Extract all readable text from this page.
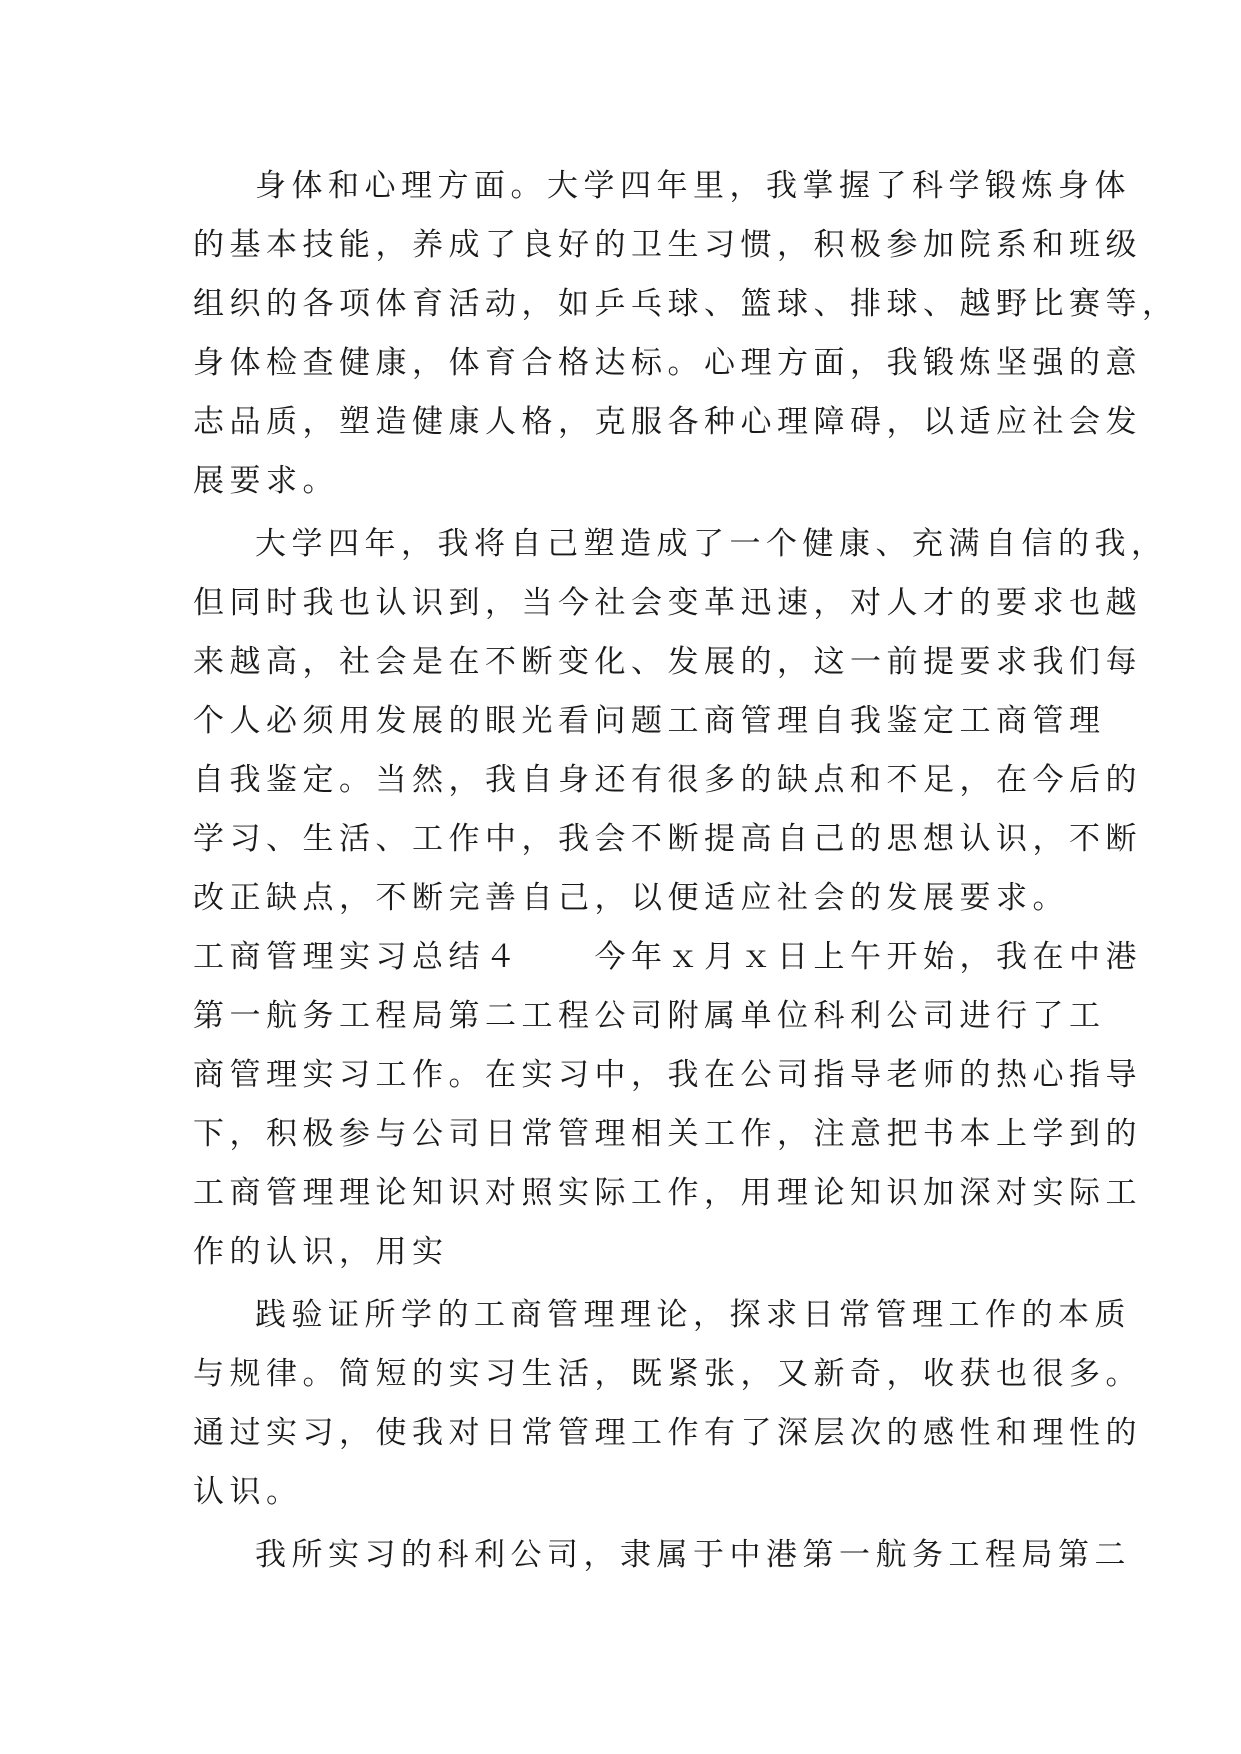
身体和心理方面。大学四年里，我掌握了科学锻炼身体
的基本技能，养成了良好的卫生习惯，积极参加院系和班级
组织的各项体育活动，如乒乓球、篮球、排球、越野比赛等，
身体检查健康，体育合格达标。心理方面，我锻炼坚强的意
志品质，塑造健康人格，克服各种心理障碍，以适应社会发
展要求。
大学四年，我将自己塑造成了一个健康、充满自信的我，
但同时我也认识到，当今社会变革迅速，对人才的要求也越
来越高，社会是在不断变化、发展的，这一前提要求我们每
个人必须用发展的眼光看问题工商管理自我鉴定工商管理
自我鉴定。当然，我自身还有很多的缺点和不足，在今后的
学习、生活、工作中，我会不断提高自己的思想认识，不断
改正缺点，不断完善自己，以便适应社会的发展要求。
工商管理实习总结４　　今年ｘ月ｘ日上午开始，我在中港
第一航务工程局第二工程公司附属单位科利公司进行了工
商管理实习工作。在实习中，我在公司指导老师的热心指导
下，积极参与公司日常管理相关工作，注意把书本上学到的
工商管理理论知识对照实际工作，用理论知识加深对实际工
作的认识，用实
践验证所学的工商管理理论，探求日常管理工作的本质
与规律。简短的实习生活，既紧张，又新奇，收获也很多。
通过实习，使我对日常管理工作有了深层次的感性和理性的
认识。
我所实习的科利公司，隶属于中港第一航务工程局第二
